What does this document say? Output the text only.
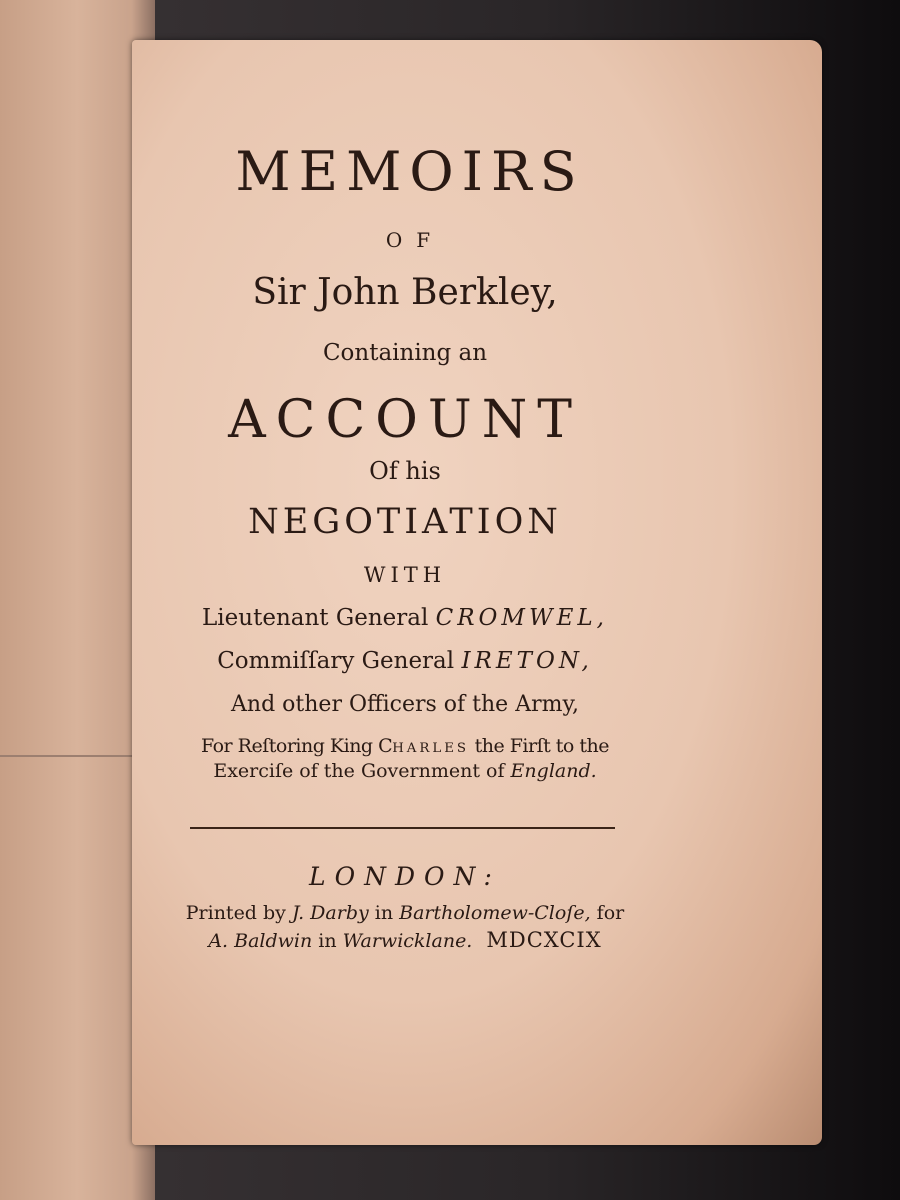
MEMOIRS
OF
Sir John Berkley,
Containing an
ACCOUNT
Of his
NEGOTIATION
WITH
Lieutenant General CROMWEL,
Commiſſary General IRETON,
And other Officers of the Army,
For Reſtoring King CHARLES the Firſt to the
Exerciſe of the Government of England.
LONDON:
Printed by J. Darby in Bartholomew-Cloſe, for
A. Baldwin in Warwicklane. MDCXCIX
